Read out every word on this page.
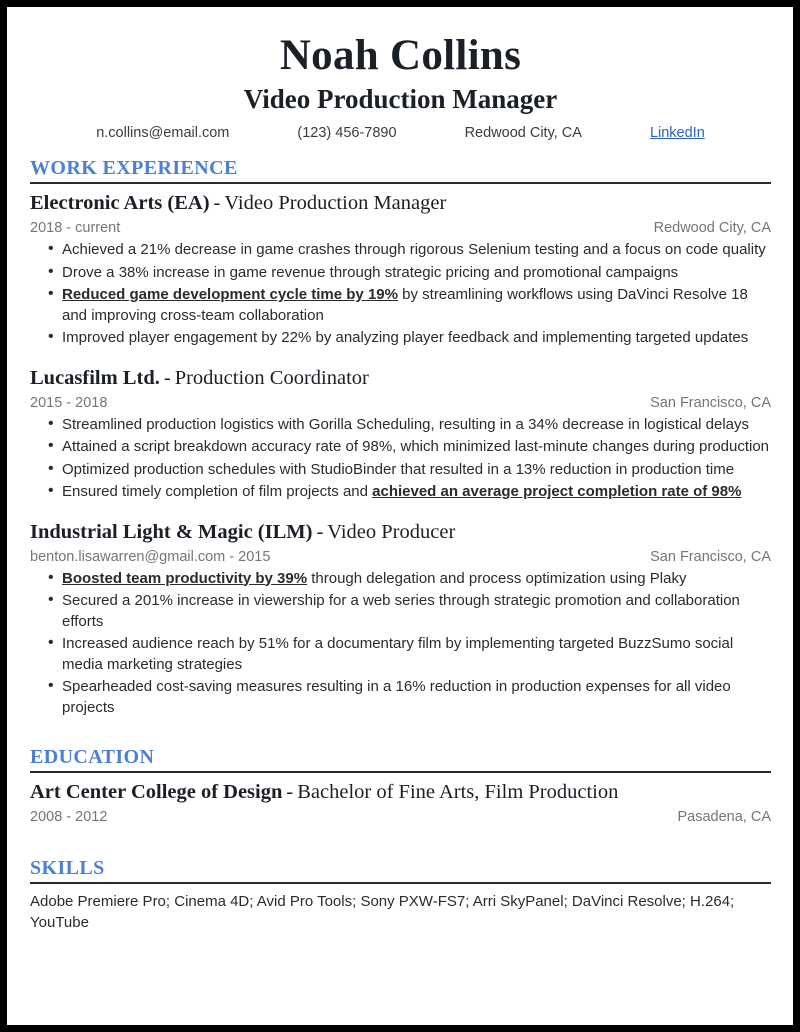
Noah Collins
Video Production Manager
n.collins@email.com	(123) 456-7890	Redwood City, CA	LinkedIn
WORK EXPERIENCE
Electronic Arts (EA) - Video Production Manager
2018 - current	Redwood City, CA
• Achieved a 21% decrease in game crashes through rigorous Selenium testing and a focus on code quality
• Drove a 38% increase in game revenue through strategic pricing and promotional campaigns
• Reduced game development cycle time by 19% by streamlining workflows using DaVinci Resolve 18 and improving cross-team collaboration
• Improved player engagement by 22% by analyzing player feedback and implementing targeted updates
Lucasfilm Ltd. - Production Coordinator
2015 - 2018	San Francisco, CA
• Streamlined production logistics with Gorilla Scheduling, resulting in a 34% decrease in logistical delays
• Attained a script breakdown accuracy rate of 98%, which minimized last-minute changes during production
• Optimized production schedules with StudioBinder that resulted in a 13% reduction in production time
• Ensured timely completion of film projects and achieved an average project completion rate of 98%
Industrial Light & Magic (ILM) - Video Producer
benton.lisawarren@gmail.com - 2015	San Francisco, CA
• Boosted team productivity by 39% through delegation and process optimization using Plaky
• Secured a 201% increase in viewership for a web series through strategic promotion and collaboration efforts
• Increased audience reach by 51% for a documentary film by implementing targeted BuzzSumo social media marketing strategies
• Spearheaded cost-saving measures resulting in a 16% reduction in production expenses for all video projects
EDUCATION
Art Center College of Design - Bachelor of Fine Arts, Film Production
2008 - 2012	Pasadena, CA
SKILLS
Adobe Premiere Pro; Cinema 4D; Avid Pro Tools; Sony PXW-FS7; Arri SkyPanel; DaVinci Resolve; H.264; YouTube
